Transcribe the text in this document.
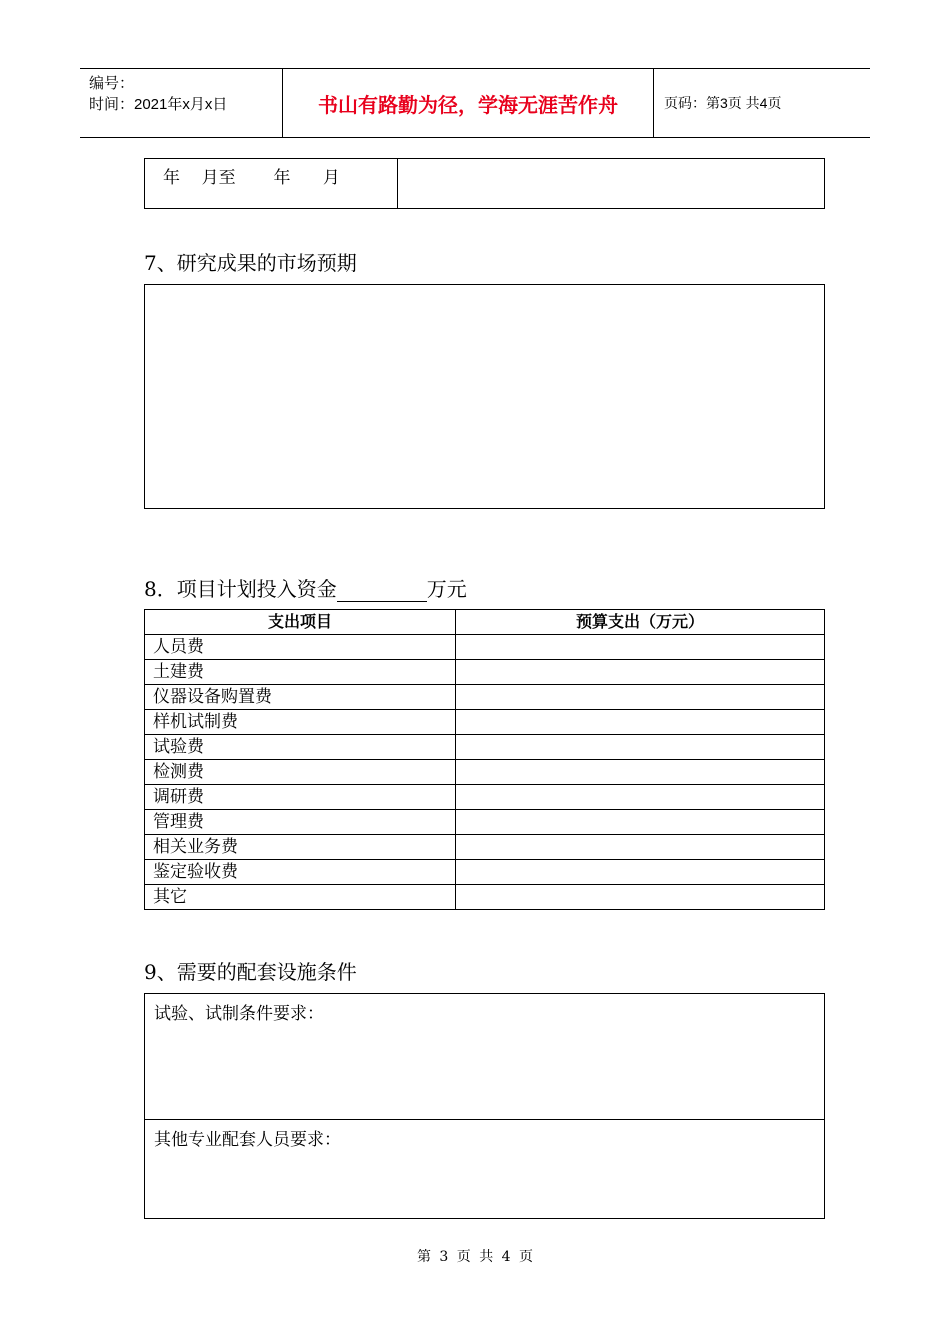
编号：
时间：2021年x月x日	书山有路勤为径，学海无涯苦作舟	页码：第3页 共4页
年    月至       年      月
7、研究成果的市场预期
8．项目计划投入资金	万元
支出项目	预算支出（万元）
人员费	
土建费	
仪器设备购置费	
样机试制费	
试验费	
检测费	
调研费	
管理费	
相关业务费	
鉴定验收费	
其它	
9、需要的配套设施条件
试验、试制条件要求：
其他专业配套人员要求：
第 3 页 共 4 页
